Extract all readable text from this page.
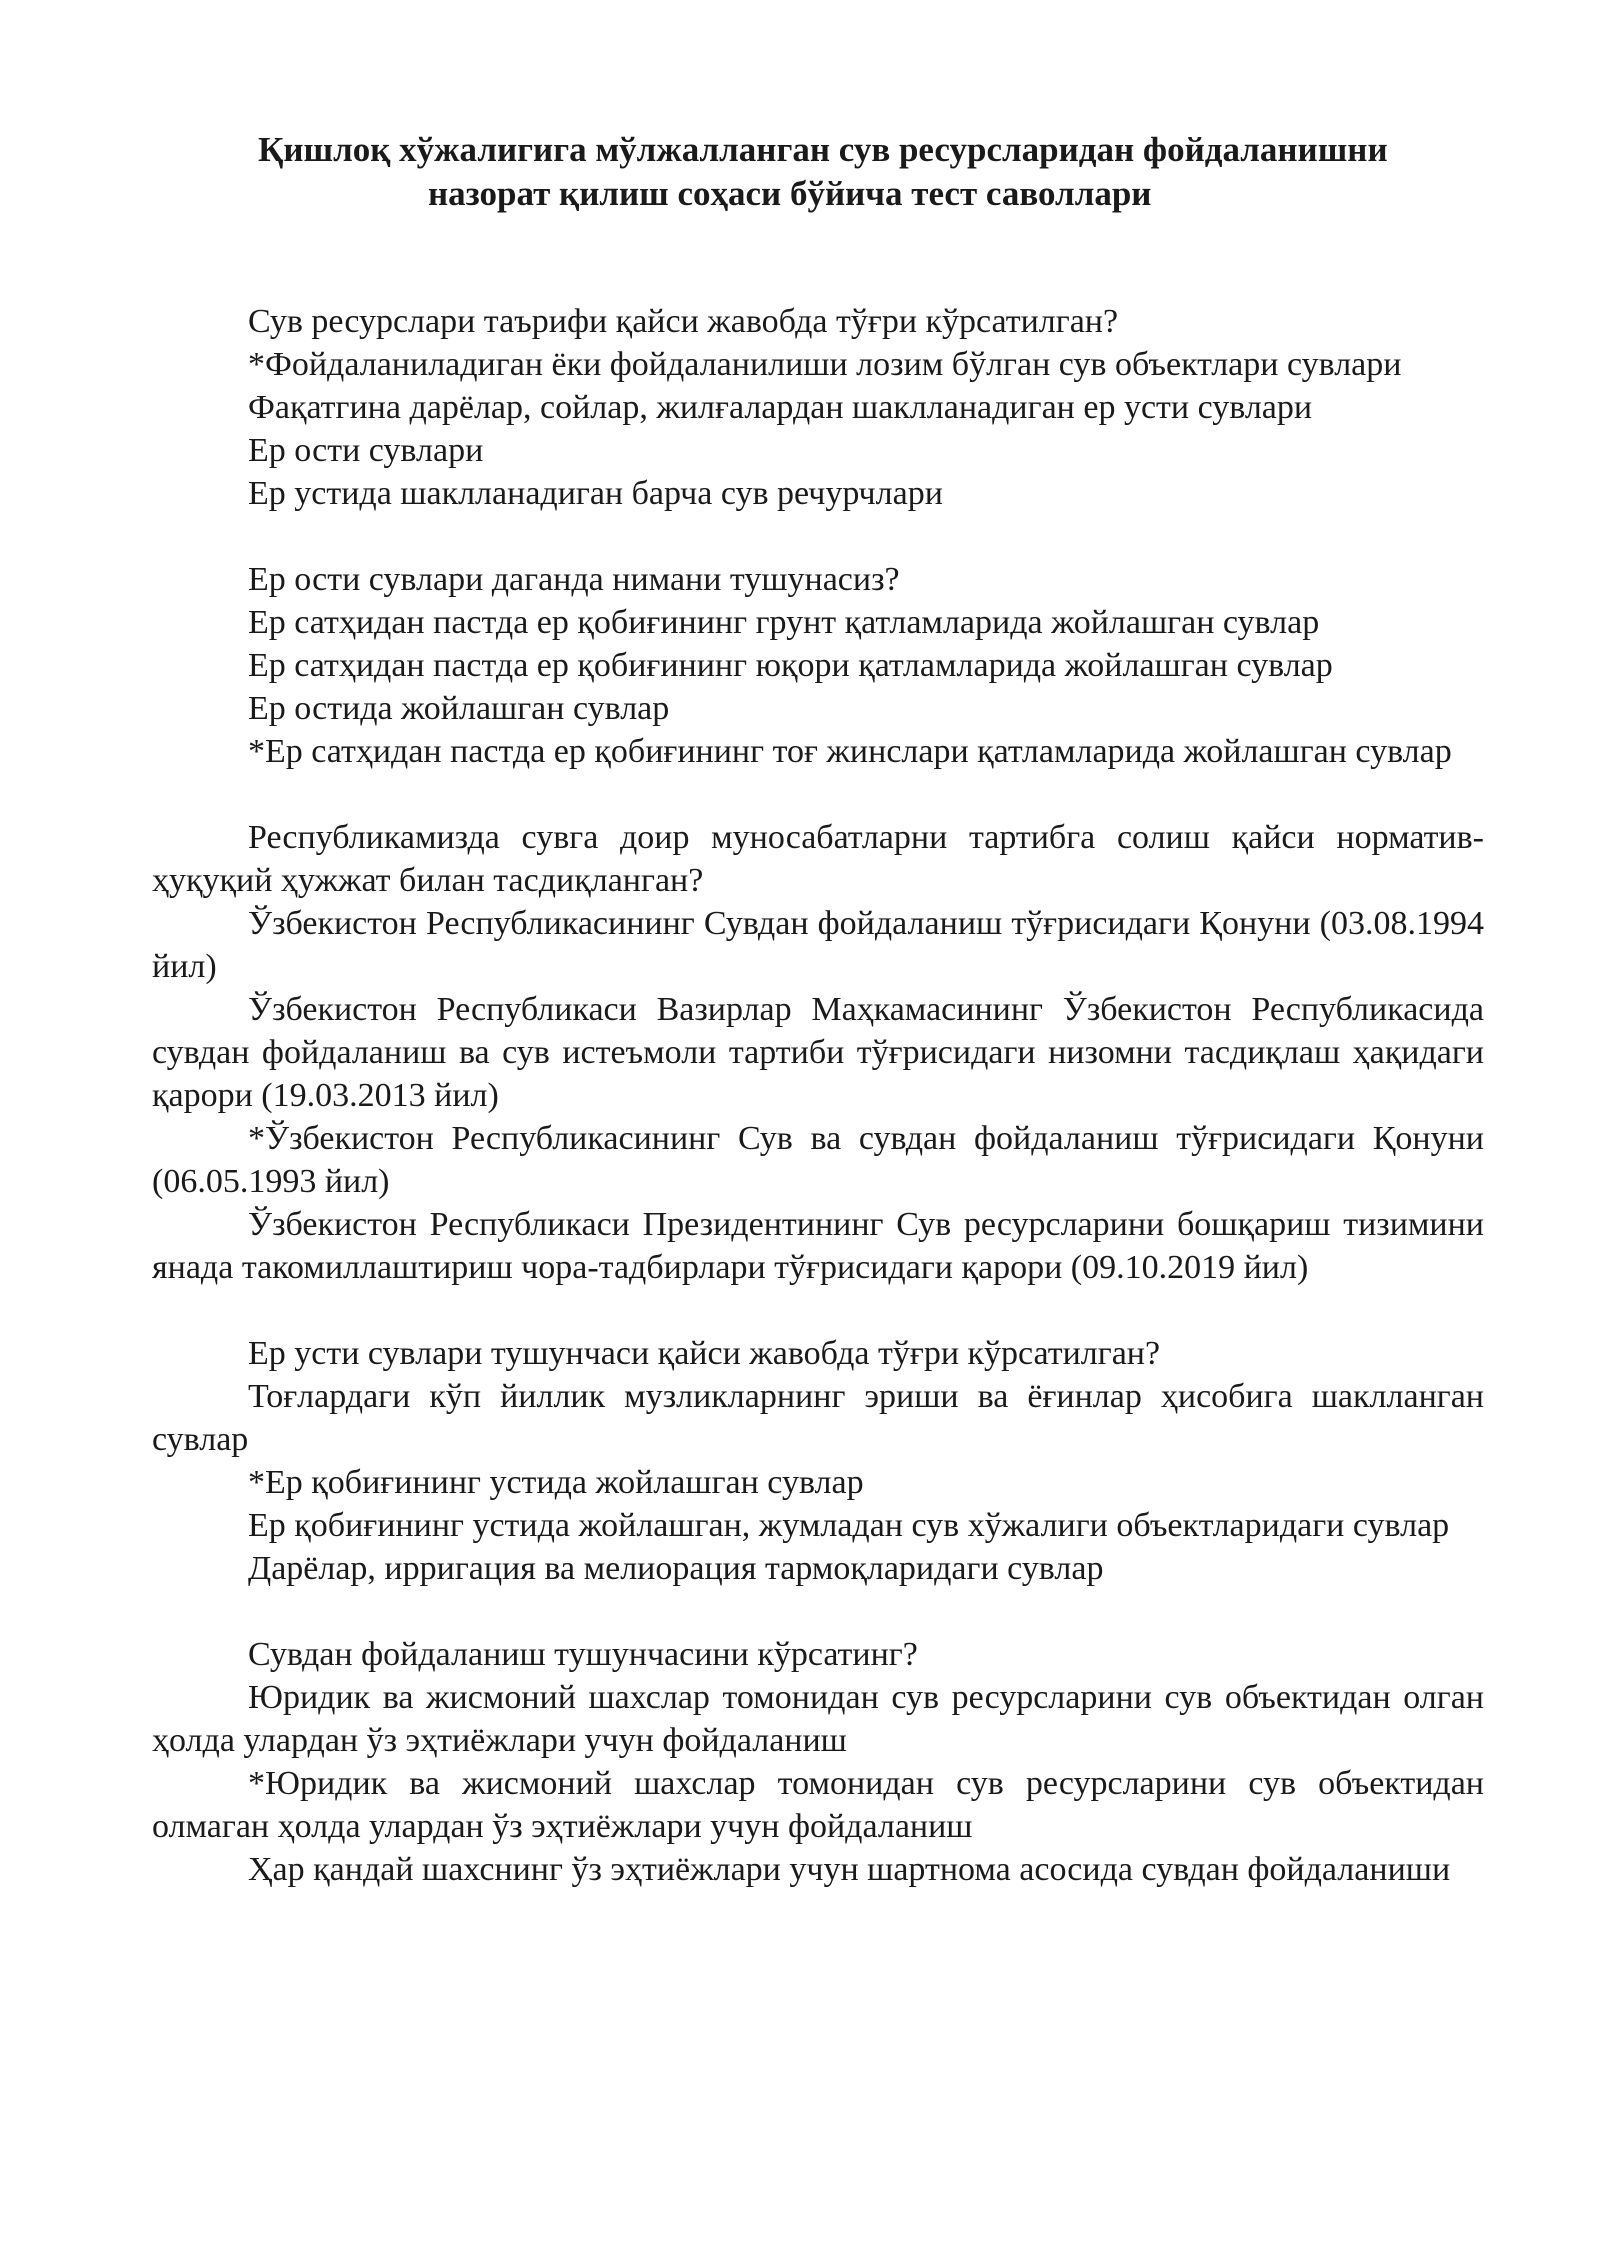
Қишлоқ хўжалигига мўлжалланган сув ресурсларидан фойдаланишни
назорат қилиш соҳаси бўйича тест саволлари

Сув ресурслари таърифи қайси жавобда тўғри кўрсатилган?

*Фойдаланиладиган ёки фойдаланилиши лозим бўлган сув объектлари сувлари

Фақатгина дарёлар, сойлар, жилғалардан шаклланадиган ер усти сувлари

Ер ости сувлари

Ер устида шаклланадиган барча сув речурчлари

Ер ости сувлари даганда нимани тушунасиз?

Ер сатҳидан пастда ер қобиғининг грунт қатламларида жойлашган сувлар

Ер сатҳидан пастда ер қобиғининг юқори қатламларида жойлашган сувлар

Ер остида жойлашган сувлар

*Ер сатҳидан пастда ер қобиғининг тоғ жинслари қатламларида жойлашган сувлар

Республикамизда сувга доир муносабатларни тартибга солиш қайси норматив-ҳуқуқий ҳужжат билан тасдиқланган?

Ўзбекистон Республикасининг Сувдан фойдаланиш тўғрисидаги Қонуни (03.08.1994 йил)

Ўзбекистон Республикаси Вазирлар Маҳкамасининг Ўзбекистон Республикасида сувдан фойдаланиш ва сув истеъмоли тартиби тўғрисидаги низомни тасдиқлаш ҳақидаги қарори (19.03.2013 йил)

*Ўзбекистон Республикасининг Сув ва сувдан фойдаланиш тўғрисидаги Қонуни (06.05.1993 йил)

Ўзбекистон Республикаси Президентининг Сув ресурсларини бошқариш тизимини янада такомиллаштириш чора-тадбирлари тўғрисидаги қарори (09.10.2019 йил)

Ер усти сувлари тушунчаси қайси жавобда тўғри кўрсатилган?

Тоғлардаги кўп йиллик музликларнинг эриши ва ёғинлар ҳисобига шаклланган сувлар

*Ер қобиғининг устида жойлашган сувлар

Ер қобиғининг устида жойлашган, жумладан сув хўжалиги объектларидаги сувлар

Дарёлар, ирригация ва мелиорация тармоқларидаги сувлар

Сувдан фойдаланиш тушунчасини кўрсатинг?

Юридик ва жисмоний шахслар томонидан сув ресурсларини сув объектидан олган ҳолда улардан ўз эҳтиёжлари учун фойдаланиш

*Юридик ва жисмоний шахслар томонидан сув ресурсларини сув объектидан олмаган ҳолда улардан ўз эҳтиёжлари учун фойдаланиш

Ҳар қандай шахснинг ўз эҳтиёжлари учун шартнома асосида сувдан фойдаланиши
